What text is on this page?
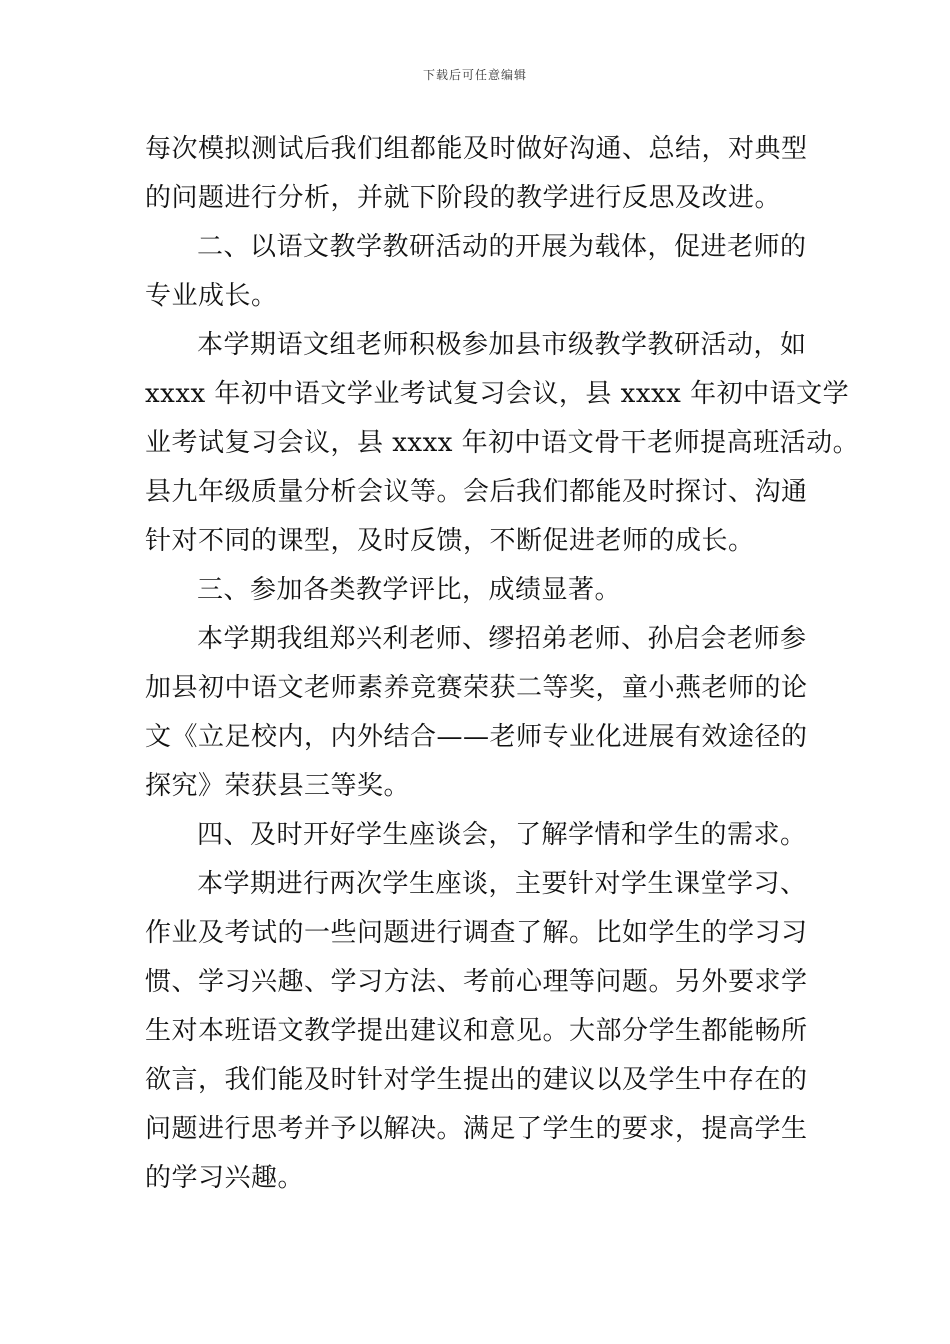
下载后可任意编辑
每次模拟测试后我们组都能及时做好沟通、总结，对典型
的问题进行分析，并就下阶段的教学进行反思及改进。
二、以语文教学教研活动的开展为载体，促进老师的
专业成长。
本学期语文组老师积极参加县市级教学教研活动，如
xxxx 年初中语文学业考试复习会议，县 xxxx 年初中语文学
业考试复习会议，县 xxxx 年初中语文骨干老师提高班活动。
县九年级质量分析会议等。会后我们都能及时探讨、沟通
针对不同的课型，及时反馈，不断促进老师的成长。
三、参加各类教学评比，成绩显著。
本学期我组郑兴利老师、缪招弟老师、孙启会老师参
加县初中语文老师素养竞赛荣获二等奖，童小燕老师的论
文《立足校内，内外结合——老师专业化进展有效途径的
探究》荣获县三等奖。
四、及时开好学生座谈会，了解学情和学生的需求。
本学期进行两次学生座谈，主要针对学生课堂学习、
作业及考试的一些问题进行调查了解。比如学生的学习习
惯、学习兴趣、学习方法、考前心理等问题。另外要求学
生对本班语文教学提出建议和意见。大部分学生都能畅所
欲言，我们能及时针对学生提出的建议以及学生中存在的
问题进行思考并予以解决。满足了学生的要求，提高学生
的学习兴趣。
